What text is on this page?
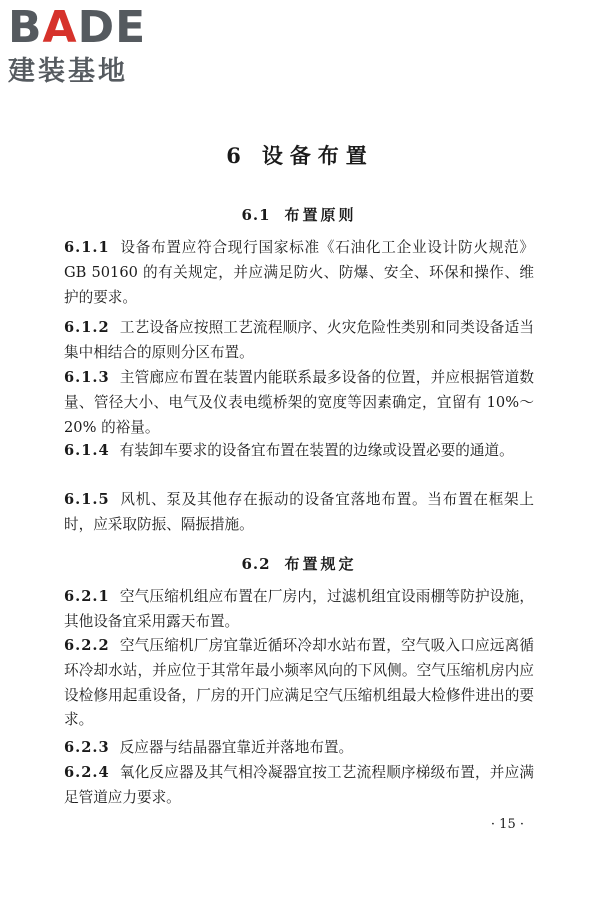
BADE
建装基地
6 设备布置
6.1 布置原则

6.1.1 设备布置应符合现行国家标准《石油化工企业设计防火规范》GB 50160 的有关规定，并应满足防火、防爆、安全、环保和操作、维护的要求。

6.1.2 工艺设备应按照工艺流程顺序、火灾危险性类别和同类设备适当集中相结合的原则分区布置。

6.1.3 主管廊应布置在装置内能联系最多设备的位置，并应根据管道数量、管径大小、电气及仪表电缆桥架的宽度等因素确定，宜留有 10%～20% 的裕量。

6.1.4 有装卸车要求的设备宜布置在装置的边缘或设置必要的通道。

6.1.5 风机、泵及其他存在振动的设备宜落地布置。当布置在框架上时，应采取防振、隔振措施。

6.2 布置规定

6.2.1 空气压缩机组应布置在厂房内，过滤机组宜设雨棚等防护设施，其他设备宜采用露天布置。

6.2.2 空气压缩机厂房宜靠近循环冷却水站布置，空气吸入口应远离循环冷却水站，并应位于其常年最小频率风向的下风侧。空气压缩机房内应设检修用起重设备，厂房的开门应满足空气压缩机组最大检修件进出的要求。

6.2.3 反应器与结晶器宜靠近并落地布置。

6.2.4 氧化反应器及其气相冷凝器宜按工艺流程顺序梯级布置，并应满足管道应力要求。

· 15 ·
